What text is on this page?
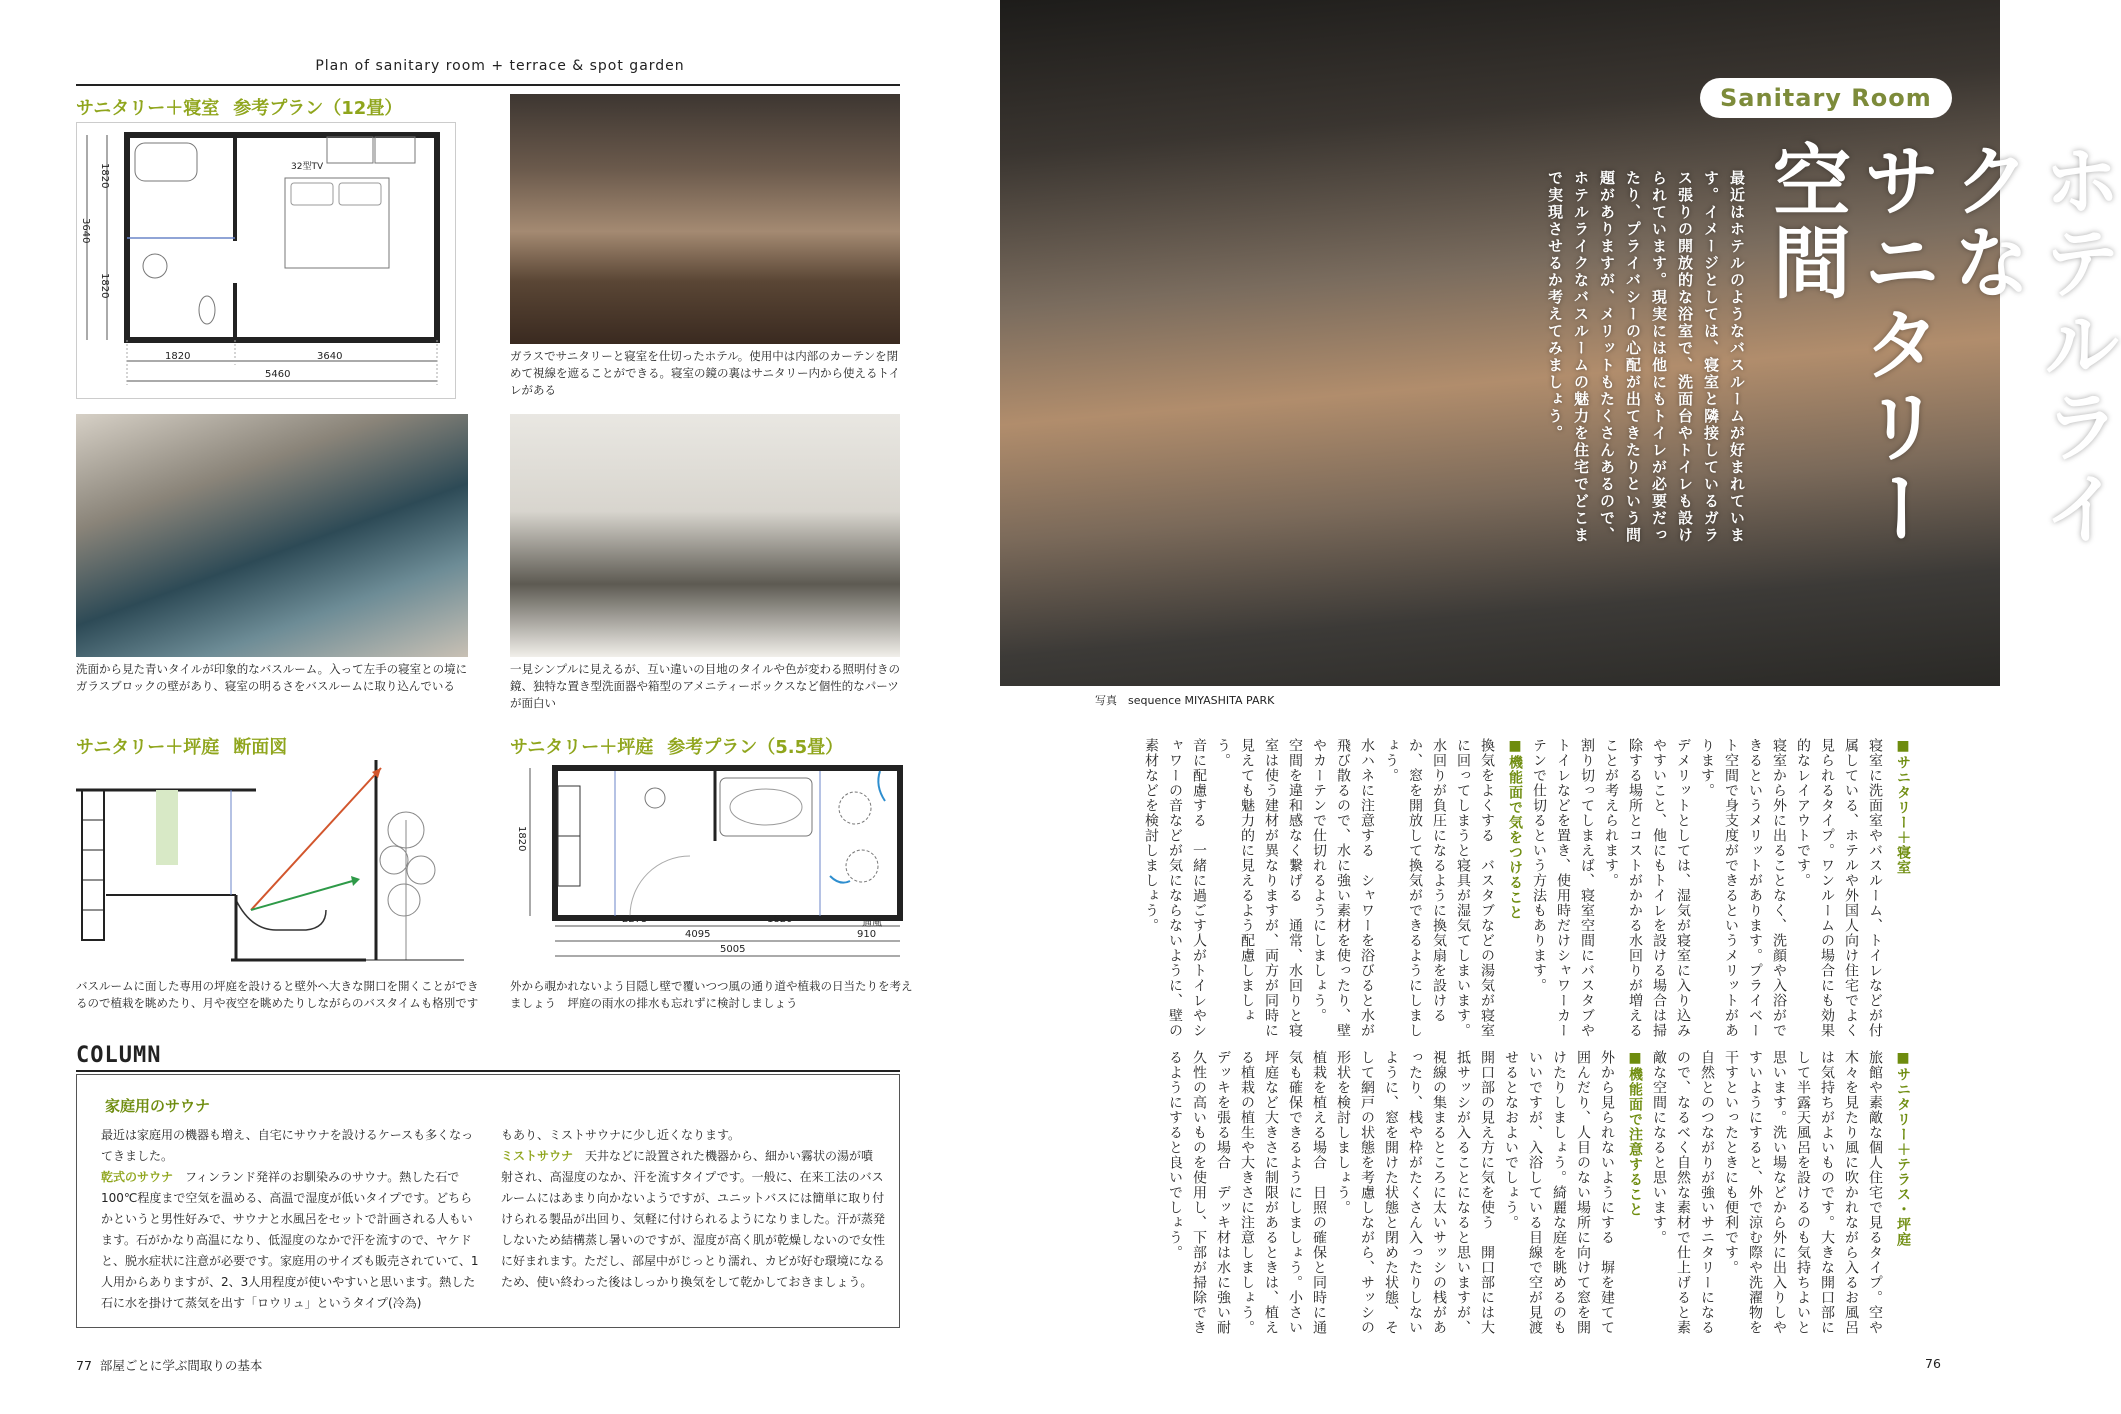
Plan of sanitary room + terrace & spot garden
サニタリー＋寝室 参考プラン（12畳）
1820
1820
3640
1820	3640
5460
32型TV
ガラスでサニタリーと寝室を仕切ったホテル。使用中は内部のカーテンを閉めて視線を遮ることができる。寝室の鏡の裏はサニタリー内から使えるトイレがある
洗面から見た青いタイルが印象的なバスルーム。入って左手の寝室との境にガラスブロックの壁があり、寝室の明るさをバスルームに取り込んでいる
一見シンプルに見えるが、互い違いの目地のタイルや色が変わる照明付きの鏡、独特な置き型洗面器や箱型のアメニティーボックスなど個性的なパーツが面白い
サニタリー＋坪庭 断面図
バスルームに面した専用の坪庭を設けると壁外へ大きな開口を開くことができるので植栽を眺めたり、月や夜空を眺めたりしながらのバスタイムも格別です
サニタリー＋坪庭 参考プラン（5.5畳）
1820
2275	1820
4095	910
5005
通風
外から覗かれないよう目隠し壁で覆いつつ風の通り道や植栽の日当たりを考えましょう　坪庭の雨水の排水も忘れずに検討しましょう
COLUMN
家庭用のサウナ
最近は家庭用の機器も増え、自宅にサウナを設けるケースも多くなってきました。
乾式のサウナ　フィンランド発祥のお馴染みのサウナ。熱した石で100℃程度まで空気を温める、高温で湿度が低いタイプです。どちらかというと男性好みで、サウナと水風呂をセットで計画される人もいます。石がかなり高温になり、低湿度のなかで汗を流すので、ヤケドと、脱水症状に注意が必要です。家庭用のサイズも販売されていて、1人用からありますが、2、3人用程度が使いやすいと思います。熱した石に水を掛けて蒸気を出す「ロウリュ」というタイプ(冷為)
もあり、ミストサウナに少し近くなります。
ミストサウナ　天井などに設置された機器から、細かい霧状の湯が噴射され、高湿度のなか、汗を流すタイプです。一般に、在来工法のバスルームにはあまり向かないようですが、ユニットバスには簡単に取り付けられる製品が出回り、気軽に付けられるようになりました。汗が蒸発しないため結構蒸し暑いのですが、湿度が高く肌が乾燥しないので女性に好まれます。ただし、部屋中がじっとり濡れ、カビが好む環境になるため、使い終わった後はしっかり換気をして乾かしておきましょう。
77 部屋ごとに学ぶ間取りの基本	76
Sanitary Room
ホテルライクな
サニタリー空間
最近はホテルのようなバスルームが好まれています。イメージとしては、寝室と隣接しているガラス張りの開放的な浴室で、洗面台やトイレも設けられています。現実には他にもトイレが必要だったり、プライバシーの心配が出てきたりという問題がありますが、メリットもたくさんあるので、ホテルライクなバスルームの魅力を住宅でどこまで実現させるか考えてみましょう。
写真　sequence MIYASHITA PARK

■サニタリー＋寝室

寝室に洗面室やバスルーム、トイレなどが付属している、ホテルや外国人向け住宅でよく見られるタイプ。ワンルームの場合にも効果的なレイアウトです。

寝室から外に出ることなく、洗顔や入浴ができるというメリットがあります。プライベート空間で身支度ができるというメリットがあります。

デメリットとしては、湿気が寝室に入り込みやすいこと、他にもトイレを設ける場合は掃除する場所とコストがかかる水回りが増えることが考えられます。

割り切ってしまえば、寝室空間にバスタブやトイレなどを置き、使用時だけシャワーカーテンで仕切るという方法もあります。

■機能面で気をつけること

換気をよくする　バスタブなどの湯気が寝室に回ってしまうと寝具が湿気てしまいます。水回りが負圧になるように換気扇を設けるか、窓を開放して換気ができるようにしましょう。

水ハネに注意する　シャワーを浴びると水が飛び散るので、水に強い素材を使ったり、壁やカーテンで仕切れるようにしましょう。

空間を違和感なく繋げる　通常、水回りと寝室は使う建材が異なりますが、両方が同時に見えても魅力的に見えるよう配慮しましょう。

音に配慮する　一緒に過ごす人がトイレやシャワーの音などが気にならないように、壁の素材などを検討しましょう。

■サニタリー＋テラス・坪庭

旅館や素敵な個人住宅で見るタイプ。空や木々を見たり風に吹かれながら入るお風呂は気持ちがよいものです。大きな開口部にして半露天風呂を設けるのも気持ちよいと思います。洗い場などから外に出入りしやすいようにすると、外で涼む際や洗濯物を干すといったときにも便利です。

自然とのつながりが強いサニタリーになるので、なるべく自然な素材で仕上げると素敵な空間になると思います。

■機能面で注意すること

外から見られないようにする　塀を建てて囲んだり、人目のない場所に向けて窓を開けたりしましょう。綺麗な庭を眺めるのもいいですが、入浴している目線で空が見渡せるとなおよいでしょう。

開口部の見え方に気を使う　開口部には大抵サッシが入ることになると思いますが、視線の集まるところに太いサッシの桟があったり、桟や枠がたくさん入ったりしないように、窓を開けた状態と閉めた状態、そして網戸の状態を考慮しながら、サッシの形状を検討しましょう。

植栽を植える場合　日照の確保と同時に通気も確保できるようにしましょう。小さい坪庭など大きさに制限があるときは、植える植栽の植生や大きさに注意しましょう。

デッキを張る場合　デッキ材は水に強い耐久性の高いものを使用し、下部が掃除できるようにすると良いでしょう。
